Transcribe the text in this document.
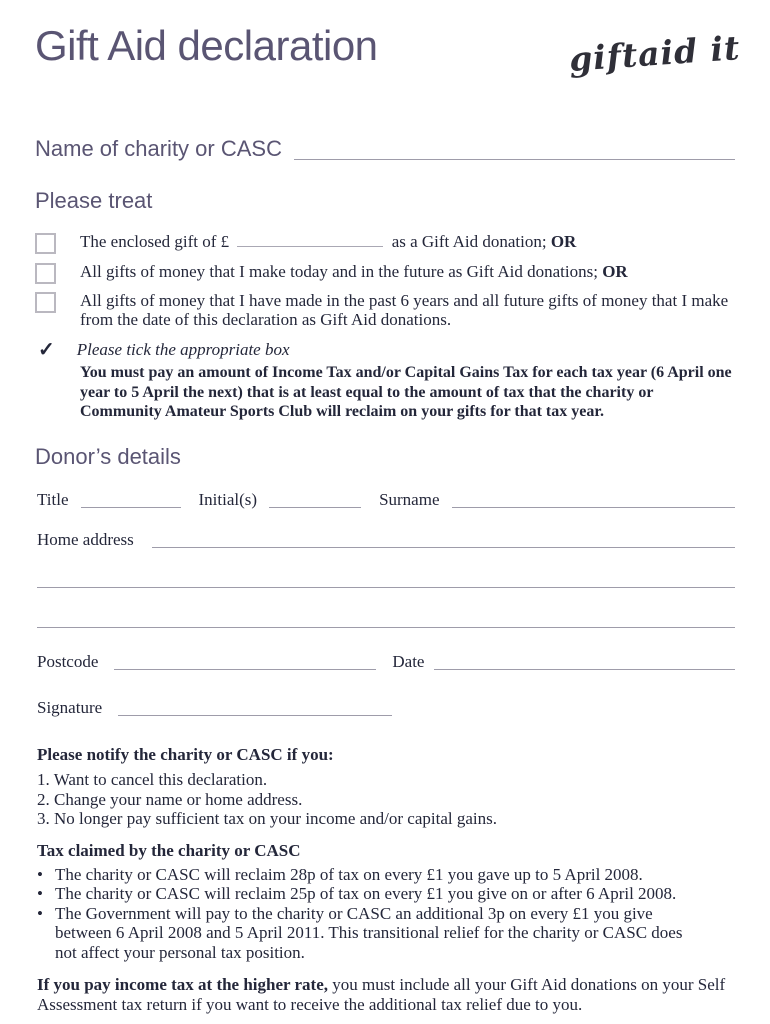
Gift Aid declaration	giftaid it
Name of charity or CASC
Please treat
The enclosed gift of £	as a Gift Aid donation; OR
All gifts of money that I make today and in the future as Gift Aid donations; OR
All gifts of money that I have made in the past 6 years and all future gifts of money that I make from the date of this declaration as Gift Aid donations.
✓ Please tick the appropriate box
You must pay an amount of Income Tax and/or Capital Gains Tax for each tax year (6 April one year to 5 April the next) that is at least equal to the amount of tax that the charity or Community Amateur Sports Club will reclaim on your gifts for that tax year.
Donor’s details
Title	Initial(s)	Surname
Home address
Postcode	Date
Signature
Please notify the charity or CASC if you:
1. Want to cancel this declaration.
2. Change your name or home address.
3. No longer pay sufficient tax on your income and/or capital gains.
Tax claimed by the charity or CASC
• The charity or CASC will reclaim 28p of tax on every £1 you gave up to 5 April 2008.
• The charity or CASC will reclaim 25p of tax on every £1 you give on or after 6 April 2008.
• The Government will pay to the charity or CASC an additional 3p on every £1 you give between 6 April 2008 and 5 April 2011. This transitional relief for the charity or CASC does not affect your personal tax position.
If you pay income tax at the higher rate, you must include all your Gift Aid donations on your Self Assessment tax return if you want to receive the additional tax relief due to you.
